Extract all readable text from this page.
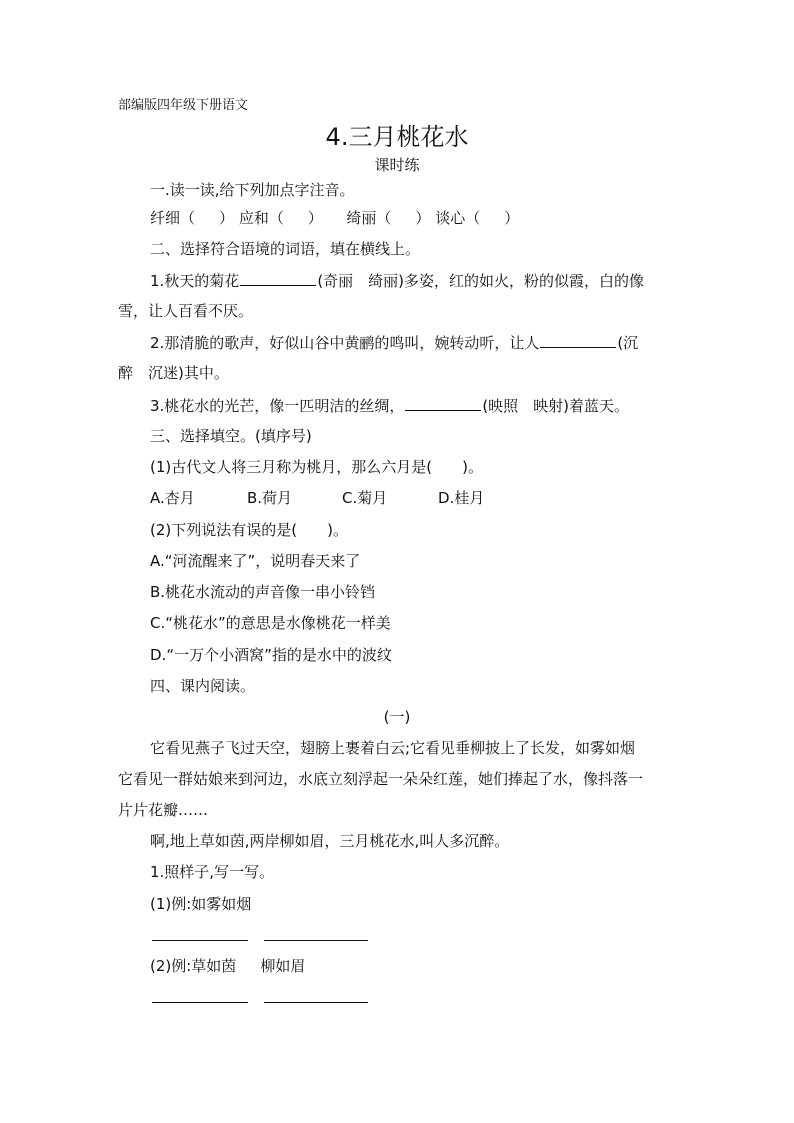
部编版四年级下册语文
4.三月桃花水
课时练
一.读一读,给下列加点字注音。
纤细（ ） 应和（ ） 绮丽（ ） 谈心（ ）
二、选择符合语境的词语，填在横线上。
1.秋天的菊花	(奇丽　绮丽)多姿，红的如火，粉的似霞，白的像
雪，让人百看不厌。
2.那清脆的歌声，好似山谷中黄鹂的鸣叫，婉转动听，让人	(沉
醉　沉迷)其中。
3.桃花水的光芒，像一匹明洁的丝绸，	(映照　映射)着蓝天。
三、选择填空。(填序号)
(1)古代文人将三月称为桃月，那么六月是(　　)。
A.杏月	B.荷月	C.菊月	D.桂月
(2)下列说法有误的是(　　)。
A.“河流醒来了”，说明春天来了
B.桃花水流动的声音像一串小铃铛
C.“桃花水”的意思是水像桃花一样美
D.“一万个小酒窝”指的是水中的波纹
四、课内阅读。
(一)
它看见燕子飞过天空，翅膀上裹着白云;它看见垂柳披上了长发，如雾如烟
它看见一群姑娘来到河边，水底立刻浮起一朵朵红莲，她们捧起了水，像抖落一
片片花瓣……
啊,地上草如茵,两岸柳如眉，三月桃花水,叫人多沉醉。
1.照样子,写一写。
(1)例:如雾如烟
(2)例:草如茵 柳如眉
